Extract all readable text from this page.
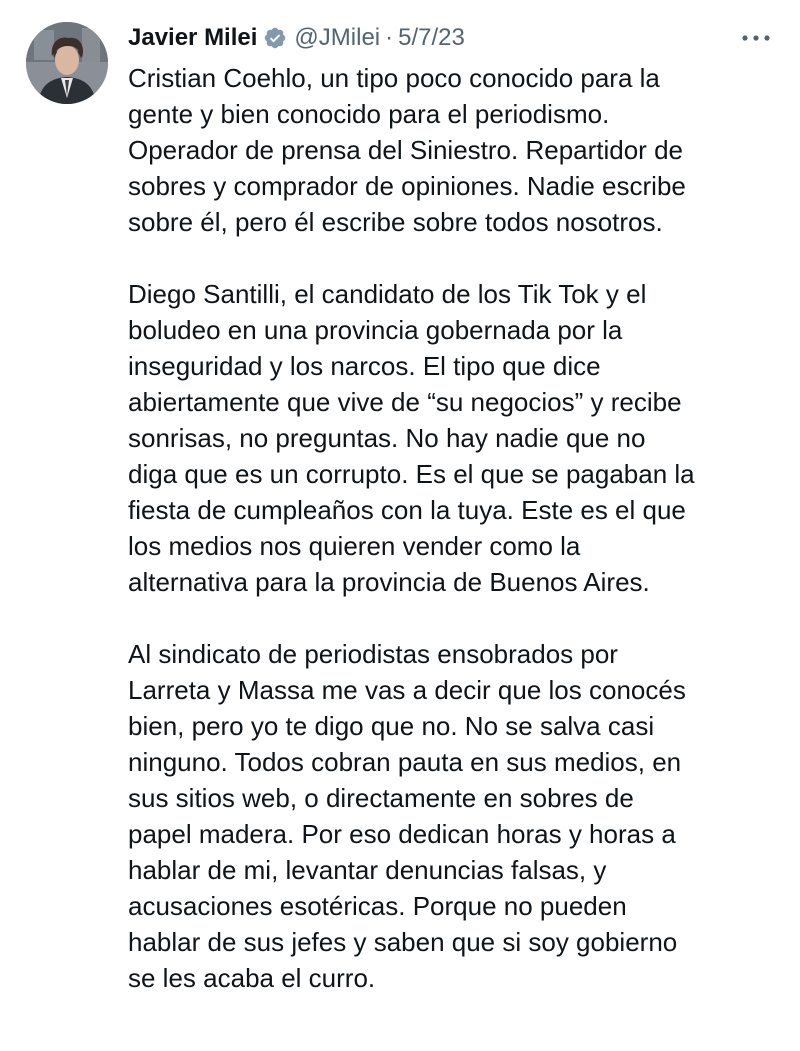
Javier Milei @JMilei · 5/7/23
Cristian Coehlo, un tipo poco conocido para la
gente y bien conocido para el periodismo.
Operador de prensa del Siniestro. Repartidor de
sobres y comprador de opiniones. Nadie escribe
sobre él, pero él escribe sobre todos nosotros.
Diego Santilli, el candidato de los Tik Tok y el
boludeo en una provincia gobernada por la
inseguridad y los narcos. El tipo que dice
abiertamente que vive de “su negocios” y recibe
sonrisas, no preguntas. No hay nadie que no
diga que es un corrupto. Es el que se pagaban la
fiesta de cumpleaños con la tuya. Este es el que
los medios nos quieren vender como la
alternativa para la provincia de Buenos Aires.
Al sindicato de periodistas ensobrados por
Larreta y Massa me vas a decir que los conocés
bien, pero yo te digo que no. No se salva casi
ninguno. Todos cobran pauta en sus medios, en
sus sitios web, o directamente en sobres de
papel madera. Por eso dedican horas y horas a
hablar de mi, levantar denuncias falsas, y
acusaciones esotéricas. Porque no pueden
hablar de sus jefes y saben que si soy gobierno
se les acaba el curro.
